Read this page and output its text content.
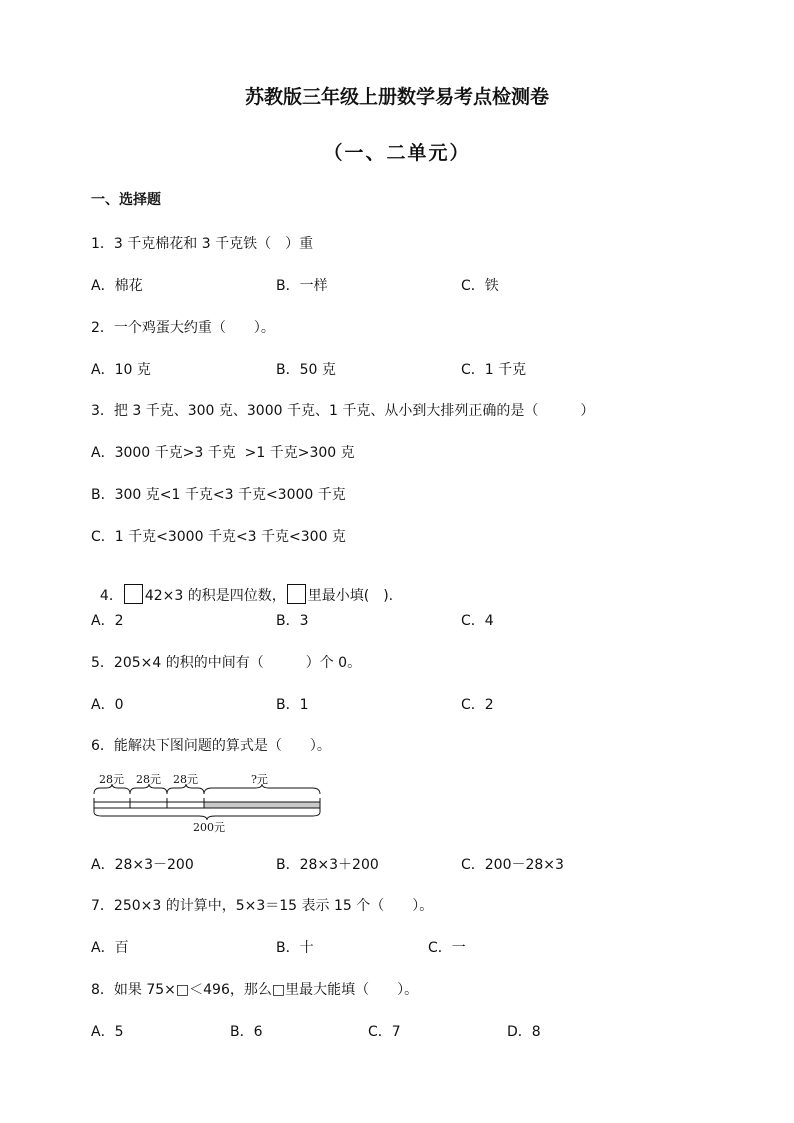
苏教版三年级上册数学易考点检测卷
（一、二单元）
一、选择题
1．3 千克棉花和 3 千克铁（　）重
A．棉花	B．一样	C．铁
2．一个鸡蛋大约重（　　）。
A．10 克	B．50 克	C．1 千克
3．把 3 千克、300 克、3000 千克、1 千克、从小到大排列正确的是（　　　）
A．3000 千克>3 千克  >1 千克>300 克
B．300 克<1 千克<3 千克<3000 千克
C．1 千克<3000 千克<3 千克<300 克

4． 42×3 的积是四位数， 里最小填(　).

A．2	B．3	C．4
5．205×4 的积的中间有（　　　）个 0。
A．0	B．1	C．2
6．能解决下图问题的算式是（　　）。
28元 28元 28元	?元
200元
A．28×3－200	B．28×3＋200	C．200－28×3
7．250×3 的计算中，5×3＝15 表示 15 个（　　）。
A．百	B．十	C．一
8．如果 75×□＜496，那么□里最大能填（　　）。
A．5	B．6	C．7	D．8
